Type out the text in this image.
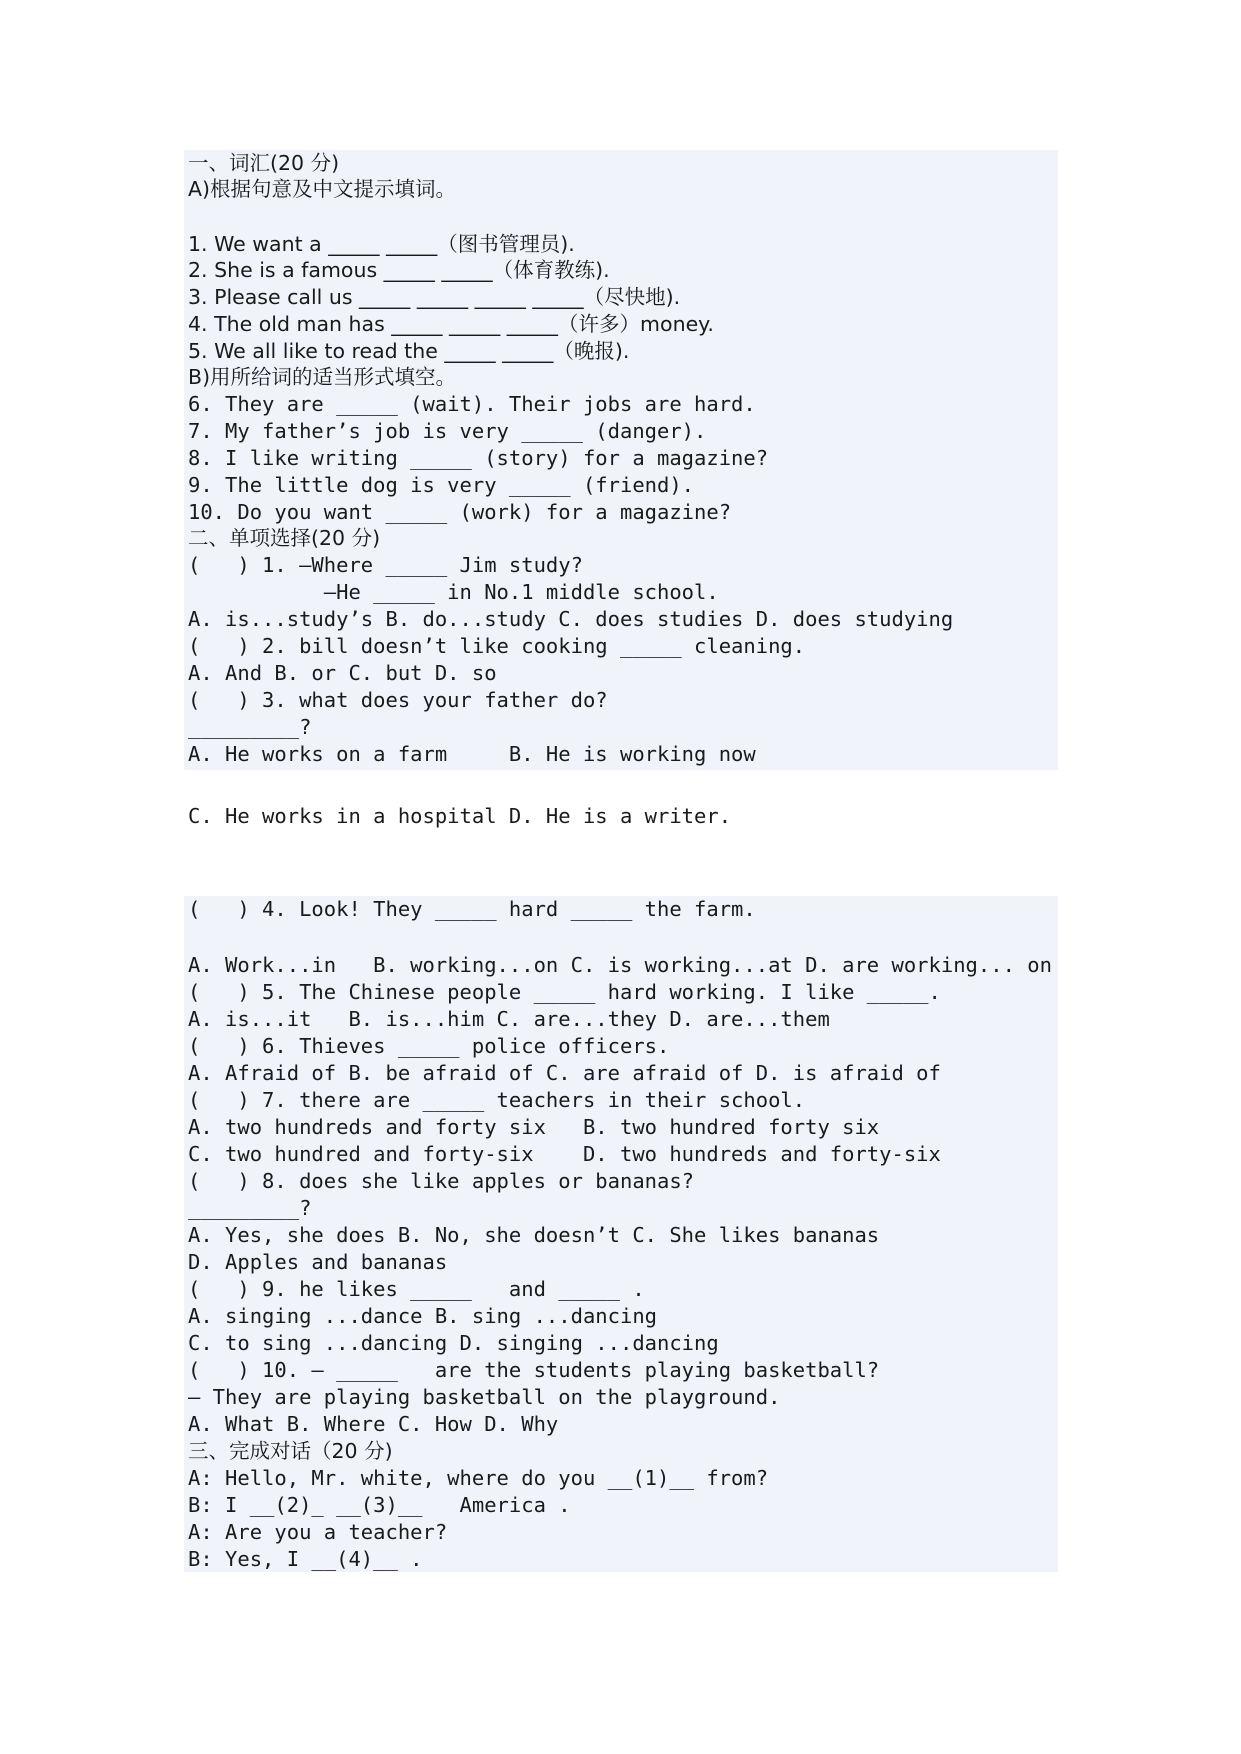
一、词汇(20 分)
A)根据句意及中文提示填词。
1. We want a _____ _____（图书管理员).
2. She is a famous _____ _____（体育教练).
3. Please call us _____ _____ _____ _____（尽快地).
4. The old man has _____ _____ _____（许多）money.
5. We all like to read the _____ _____（晚报).
B)用所给词的适当形式填空。
6. They are _____ (wait). Their jobs are hard.
7. My father’s job is very _____ (danger).
8. I like writing _____ (story) for a magazine?
9. The little dog is very _____ (friend).
10. Do you want _____ (work) for a magazine?
二、单项选择(20 分)
(   ) 1. —Where _____ Jim study?
—He _____ in No.1 middle school.
A. is...study’s B. do...study C. does studies D. does studying
(   ) 2. bill doesn’t like cooking _____ cleaning.
A. And B. or C. but D. so
(   ) 3. what does your father do?
_________?
A. He works on a farm     B. He is working now
C. He works in a hospital D. He is a writer.
(   ) 4. Look! They _____ hard _____ the farm.
A. Work...in   B. working...on C. is working...at D. are working... on
(   ) 5. The Chinese people _____ hard working. I like _____.
A. is...it   B. is...him C. are...they D. are...them
(   ) 6. Thieves _____ police officers.
A. Afraid of B. be afraid of C. are afraid of D. is afraid of
(   ) 7. there are _____ teachers in their school.
A. two hundreds and forty six   B. two hundred forty six
C. two hundred and forty-six    D. two hundreds and forty-six
(   ) 8. does she like apples or bananas?
_________?
A. Yes, she does B. No, she doesn’t C. She likes bananas
D. Apples and bananas
(   ) 9. he likes _____   and _____ .
A. singing ...dance B. sing ...dancing
C. to sing ...dancing D. singing ...dancing
(   ) 10. — _____   are the students playing basketball?
— They are playing basketball on the playground.
A. What B. Where C. How D. Why
三、完成对话（20 分)
A: Hello, Mr. white, where do you __(1)__ from?
B: I __(2)_ __(3)__   America .
A: Are you a teacher?
B: Yes, I __(4)__ .
